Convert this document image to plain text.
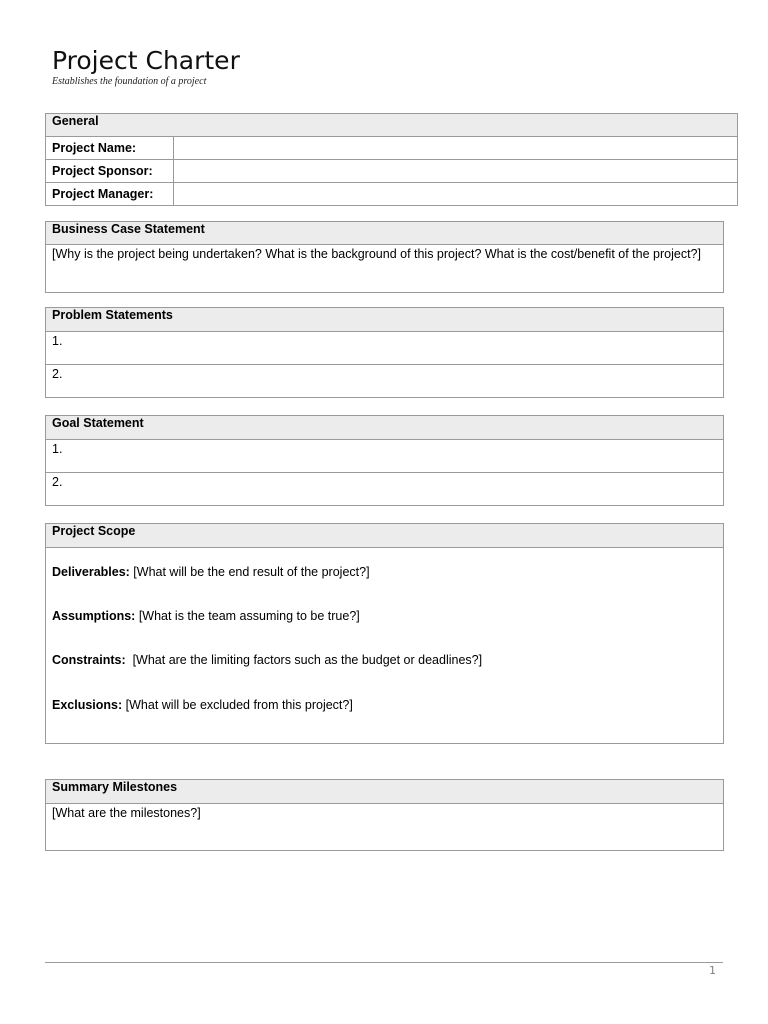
Project Charter
Establishes the foundation of a project
General	
Project Name:	
Project Sponsor:	
Project Manager:	
Business Case Statement
[Why is the project being undertaken? What is the background of this project? What is the cost/benefit of the project?]
Problem Statements
1.
2.
Goal Statement
1.
2.
Project Scope

Deliverables: [What will be the end result of the project?]
Assumptions: [What is the team assuming to be true?]
Constraints:  [What are the limiting factors such as the budget or deadlines?]
Exclusions: [What will be excluded from this project?]
Summary Milestones
[What are the milestones?]
1
